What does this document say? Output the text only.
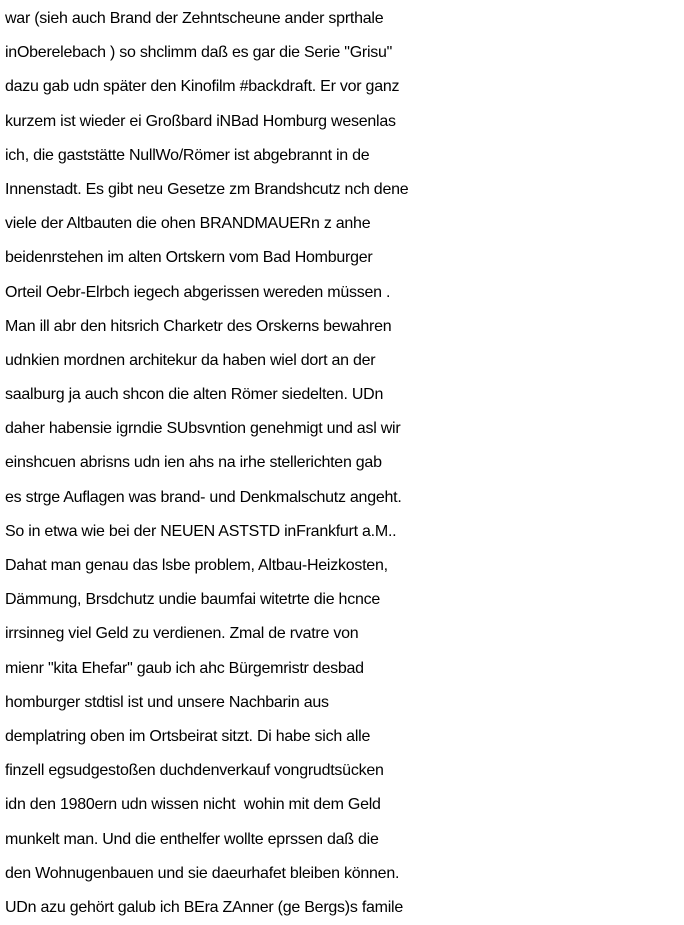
war (sieh auch Brand der Zehntscheune ander sprthale
inOberelebach ) so shclimm daß es gar die Serie "Grisu"
dazu gab udn später den Kinofilm #backdraft. Er vor ganz
kurzem ist wieder ei Großbard iNBad Homburg wesenlas
ich, die gaststätte NullWo/Römer ist abgebrannt in de
Innenstadt. Es gibt neu Gesetze zm Brandshcutz nch dene
viele der Altbauten die ohen BRANDMAUERn z anhe
beidenrstehen im alten Ortskern vom Bad Homburger
Orteil Oebr-Elrbch iegech abgerissen wereden müssen .
Man ill abr den hitsrich Charketr des Orskerns bewahren
udnkien mordnen architekur da haben wiel dort an der
saalburg ja auch shcon die alten Römer siedelten. UDn
daher habensie igrndie SUbsvntion genehmigt und asl wir
einshcuen abrisns udn ien ahs na irhe stellerichten gab
es strge Auflagen was brand- und Denkmalschutz angeht.
So in etwa wie bei der NEUEN ASTSTD inFrankfurt a.M..
Dahat man genau das lsbe problem, Altbau-Heizkosten,
Dämmung, Brsdchutz undie baumfai witetrte die hcnce
irrsinneg viel Geld zu verdienen. Zmal de rvatre von
mienr "kita Ehefar" gaub ich ahc Bürgemristr desbad
homburger stdtisl ist und unsere Nachbarin aus
demplatring oben im Ortsbeirat sitzt. Di habe sich alle
finzell egsudgestoßen duchdenverkauf vongrudtsücken
idn den 1980ern udn wissen nicht  wohin mit dem Geld
munkelt man. Und die enthelfer wollte eprssen daß die
den Wohnugenbauen und sie daeurhafet bleiben können.
UDn azu gehört galub ich BEra ZAnner (ge Bergs)s famile
